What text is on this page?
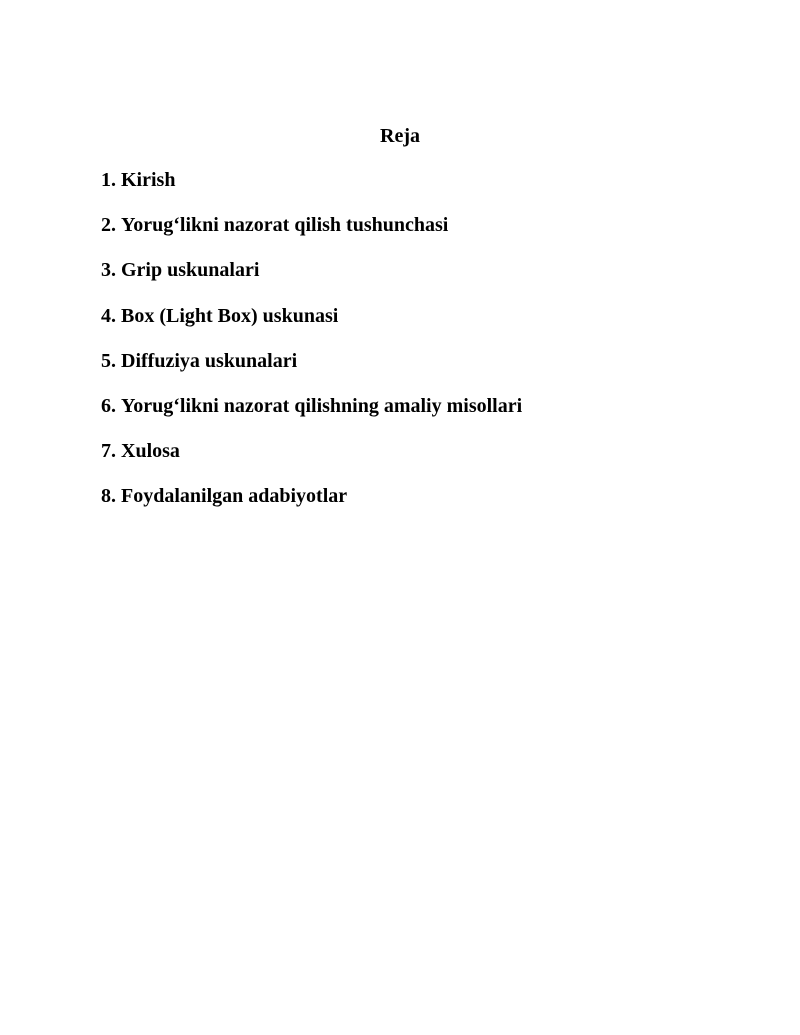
Reja
1. Kirish
2. Yorug‘likni nazorat qilish tushunchasi
3. Grip uskunalari
4. Box (Light Box) uskunasi
5. Diffuziya uskunalari
6. Yorug‘likni nazorat qilishning amaliy misollari
7. Xulosa
8. Foydalanilgan adabiyotlar
